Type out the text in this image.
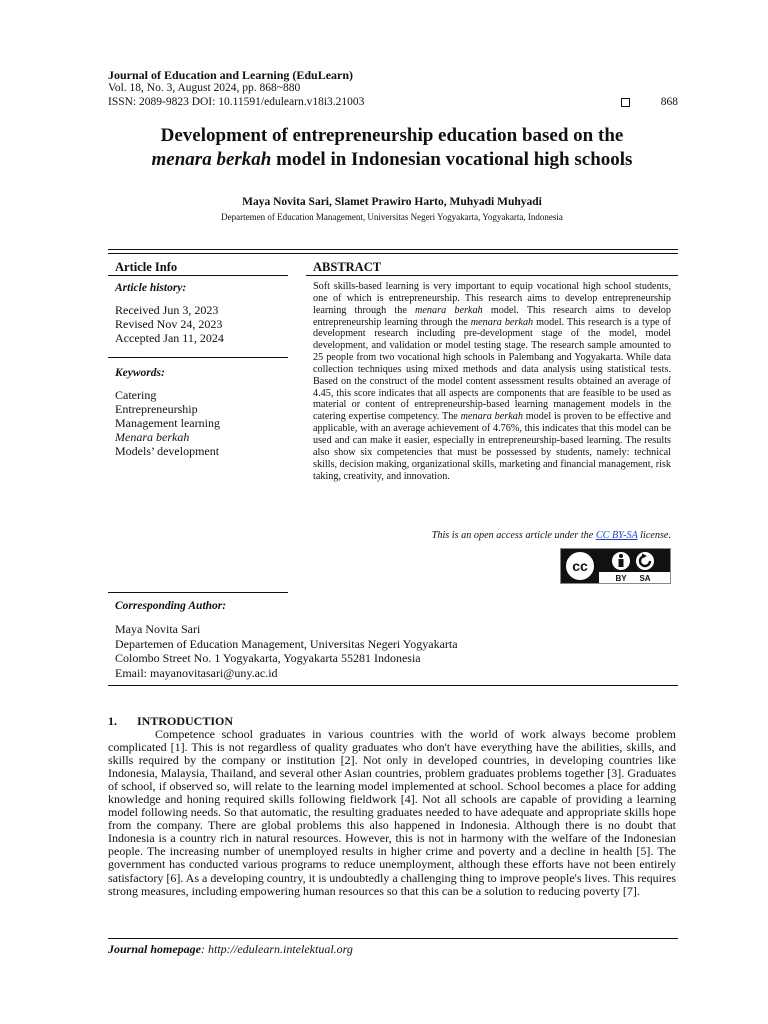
Journal of Education and Learning (EduLearn)
Vol. 18, No. 3, August 2024, pp. 868~880
ISSN: 2089-9823 DOI: 10.11591/edulearn.v18i3.21003	868
Development of entrepreneurship education based on the
menara berkah model in Indonesian vocational high schools
Maya Novita Sari, Slamet Prawiro Harto, Muhyadi Muhyadi
Departemen of Education Management, Universitas Negeri Yogyakarta, Yogyakarta, Indonesia
Article Info
Article history:
Received Jun 3, 2023
Revised Nov 24, 2023
Accepted Jan 11, 2024
Keywords:
Catering
Entrepreneurship
Management learning
Menara berkah
Models’ development
ABSTRACT
Soft skills-based learning is very important to equip vocational high school students, one of which is entrepreneurship. This research aims to develop entrepreneurship learning through the menara berkah model. This research aims to develop entrepreneurship learning through the menara berkah model. This research is a type of development research including pre-development stage of the model, model development, and validation or model testing stage. The research sample amounted to 25 people from two vocational high schools in Palembang and Yogyakarta. While data collection techniques using mixed methods and data analysis using statistical tests. Based on the construct of the model content assessment results obtained an average of 4.45, this score indicates that all aspects are components that are feasible to be used as material or content of entrepreneurship-based learning management models in the catering expertise competency. The menara berkah model is proven to be effective and applicable, with an average achievement of 4.76%, this indicates that this model can be used and can make it easier, especially in entrepreneurship-based learning. The results also show six competencies that must be possessed by students, namely: technical skills, decision making, organizational skills, marketing and financial management, risk taking, creativity, and innovation.
This is an open access article under the CC BY-SA license.
cc
BY SA
Corresponding Author:
Maya Novita Sari
Departemen of Education Management, Universitas Negeri Yogyakarta
Colombo Street No. 1 Yogyakarta, Yogyakarta 55281 Indonesia
Email: mayanovitasari@uny.ac.id
1. INTRODUCTION
Competence school graduates in various countries with the world of work always become problem complicated [1]. This is not regardless of quality graduates who don't have everything have the abilities, skills, and skills required by the company or institution [2]. Not only in developed countries, in developing countries like Indonesia, Malaysia, Thailand, and several other Asian countries, problem graduates problems together [3]. Graduates of school, if observed so, will relate to the learning model implemented at school. School becomes a place for adding knowledge and honing required skills following fieldwork [4]. Not all schools are capable of providing a learning model following needs. So that automatic, the resulting graduates needed to have adequate and appropriate skills hope from the company. There are global problems this also happened in Indonesia. Although there is no doubt that Indonesia is a country rich in natural resources. However, this is not in harmony with the welfare of the Indonesian people. The increasing number of unemployed results in higher crime and poverty and a decline in health [5]. The government has conducted various programs to reduce unemployment, although these efforts have not been entirely satisfactory [6]. As a developing country, it is undoubtedly a challenging thing to improve people's lives. This requires strong measures, including empowering human resources so that this can be a solution to reducing poverty [7].
Journal homepage: http://edulearn.intelektual.org
